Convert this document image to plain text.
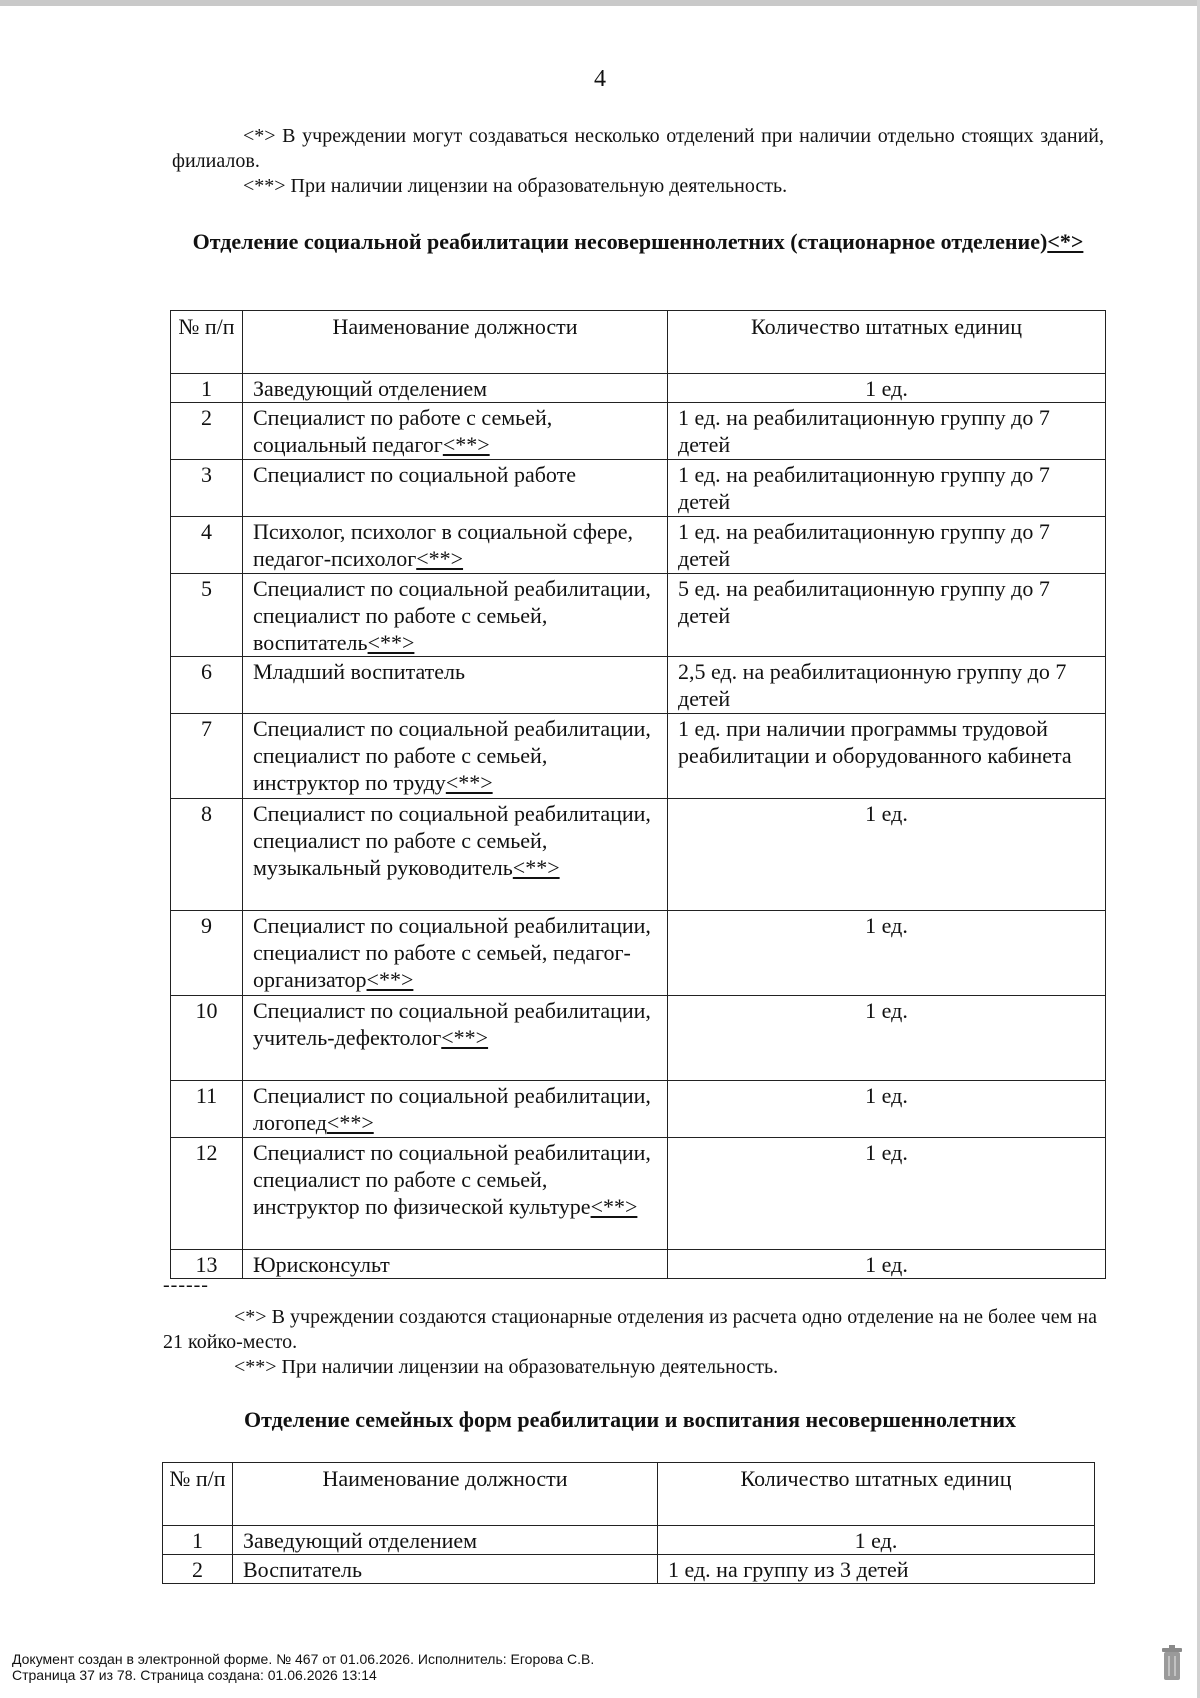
4
<*> В учреждении могут создаваться несколько отделений при наличии отдельно стоящих зданий, филиалов.
<**> При наличии лицензии на образовательную деятельность.
Отделение социальной реабилитации несовершеннолетних (стационарное отделение)<*>
№ п/п	Наименование должности	Количество штатных единиц
1	Заведующий отделением	1 ед.
2	Специалист по работе с семьей, социальный педагог<**>	1 ед. на реабилитационную группу до 7 детей
3	Специалист по социальной работе	1 ед. на реабилитационную группу до 7 детей
4	Психолог, психолог в социальной сфере, педагог-психолог<**>	1 ед. на реабилитационную группу до 7 детей
5	Специалист по социальной реабилитации, специалист по работе с семьей, воспитатель<**>	5 ед. на реабилитационную группу до 7 детей
6	Младший воспитатель	2,5 ед. на реабилитационную группу до 7 детей
7	Специалист по социальной реабилитации, специалист по работе с семьей, инструктор по труду<**>	1 ед. при наличии программы трудовой реабилитации и оборудованного кабинета
8	Специалист по социальной реабилитации, специалист по работе с семьей, музыкальный руководитель<**>	1 ед.
9	Специалист по социальной реабилитации, специалист по работе с семьей, педагог-организатор<**>	1 ед.
10	Специалист по социальной реабилитации, учитель-дефектолог<**>	1 ед.
11	Специалист по социальной реабилитации, логопед<**>	1 ед.
12	Специалист по социальной реабилитации, специалист по работе с семьей, инструктор по физической культуре<**>	1 ед.
13	Юрисконсульт	1 ед.
------
<*> В учреждении создаются стационарные отделения из расчета одно отделение на не более чем на 21 койко-место.
<**> При наличии лицензии на образовательную деятельность.
Отделение семейных форм реабилитации и воспитания несовершеннолетних
№ п/п	Наименование должности	Количество штатных единиц
1	Заведующий отделением	1 ед.
2	Воспитатель	1 ед. на группу из 3 детей
Документ создан в электронной форме. № 467 от 01.06.2026. Исполнитель: Егорова С.В.
Страница 37 из 78. Страница создана: 01.06.2026 13:14
